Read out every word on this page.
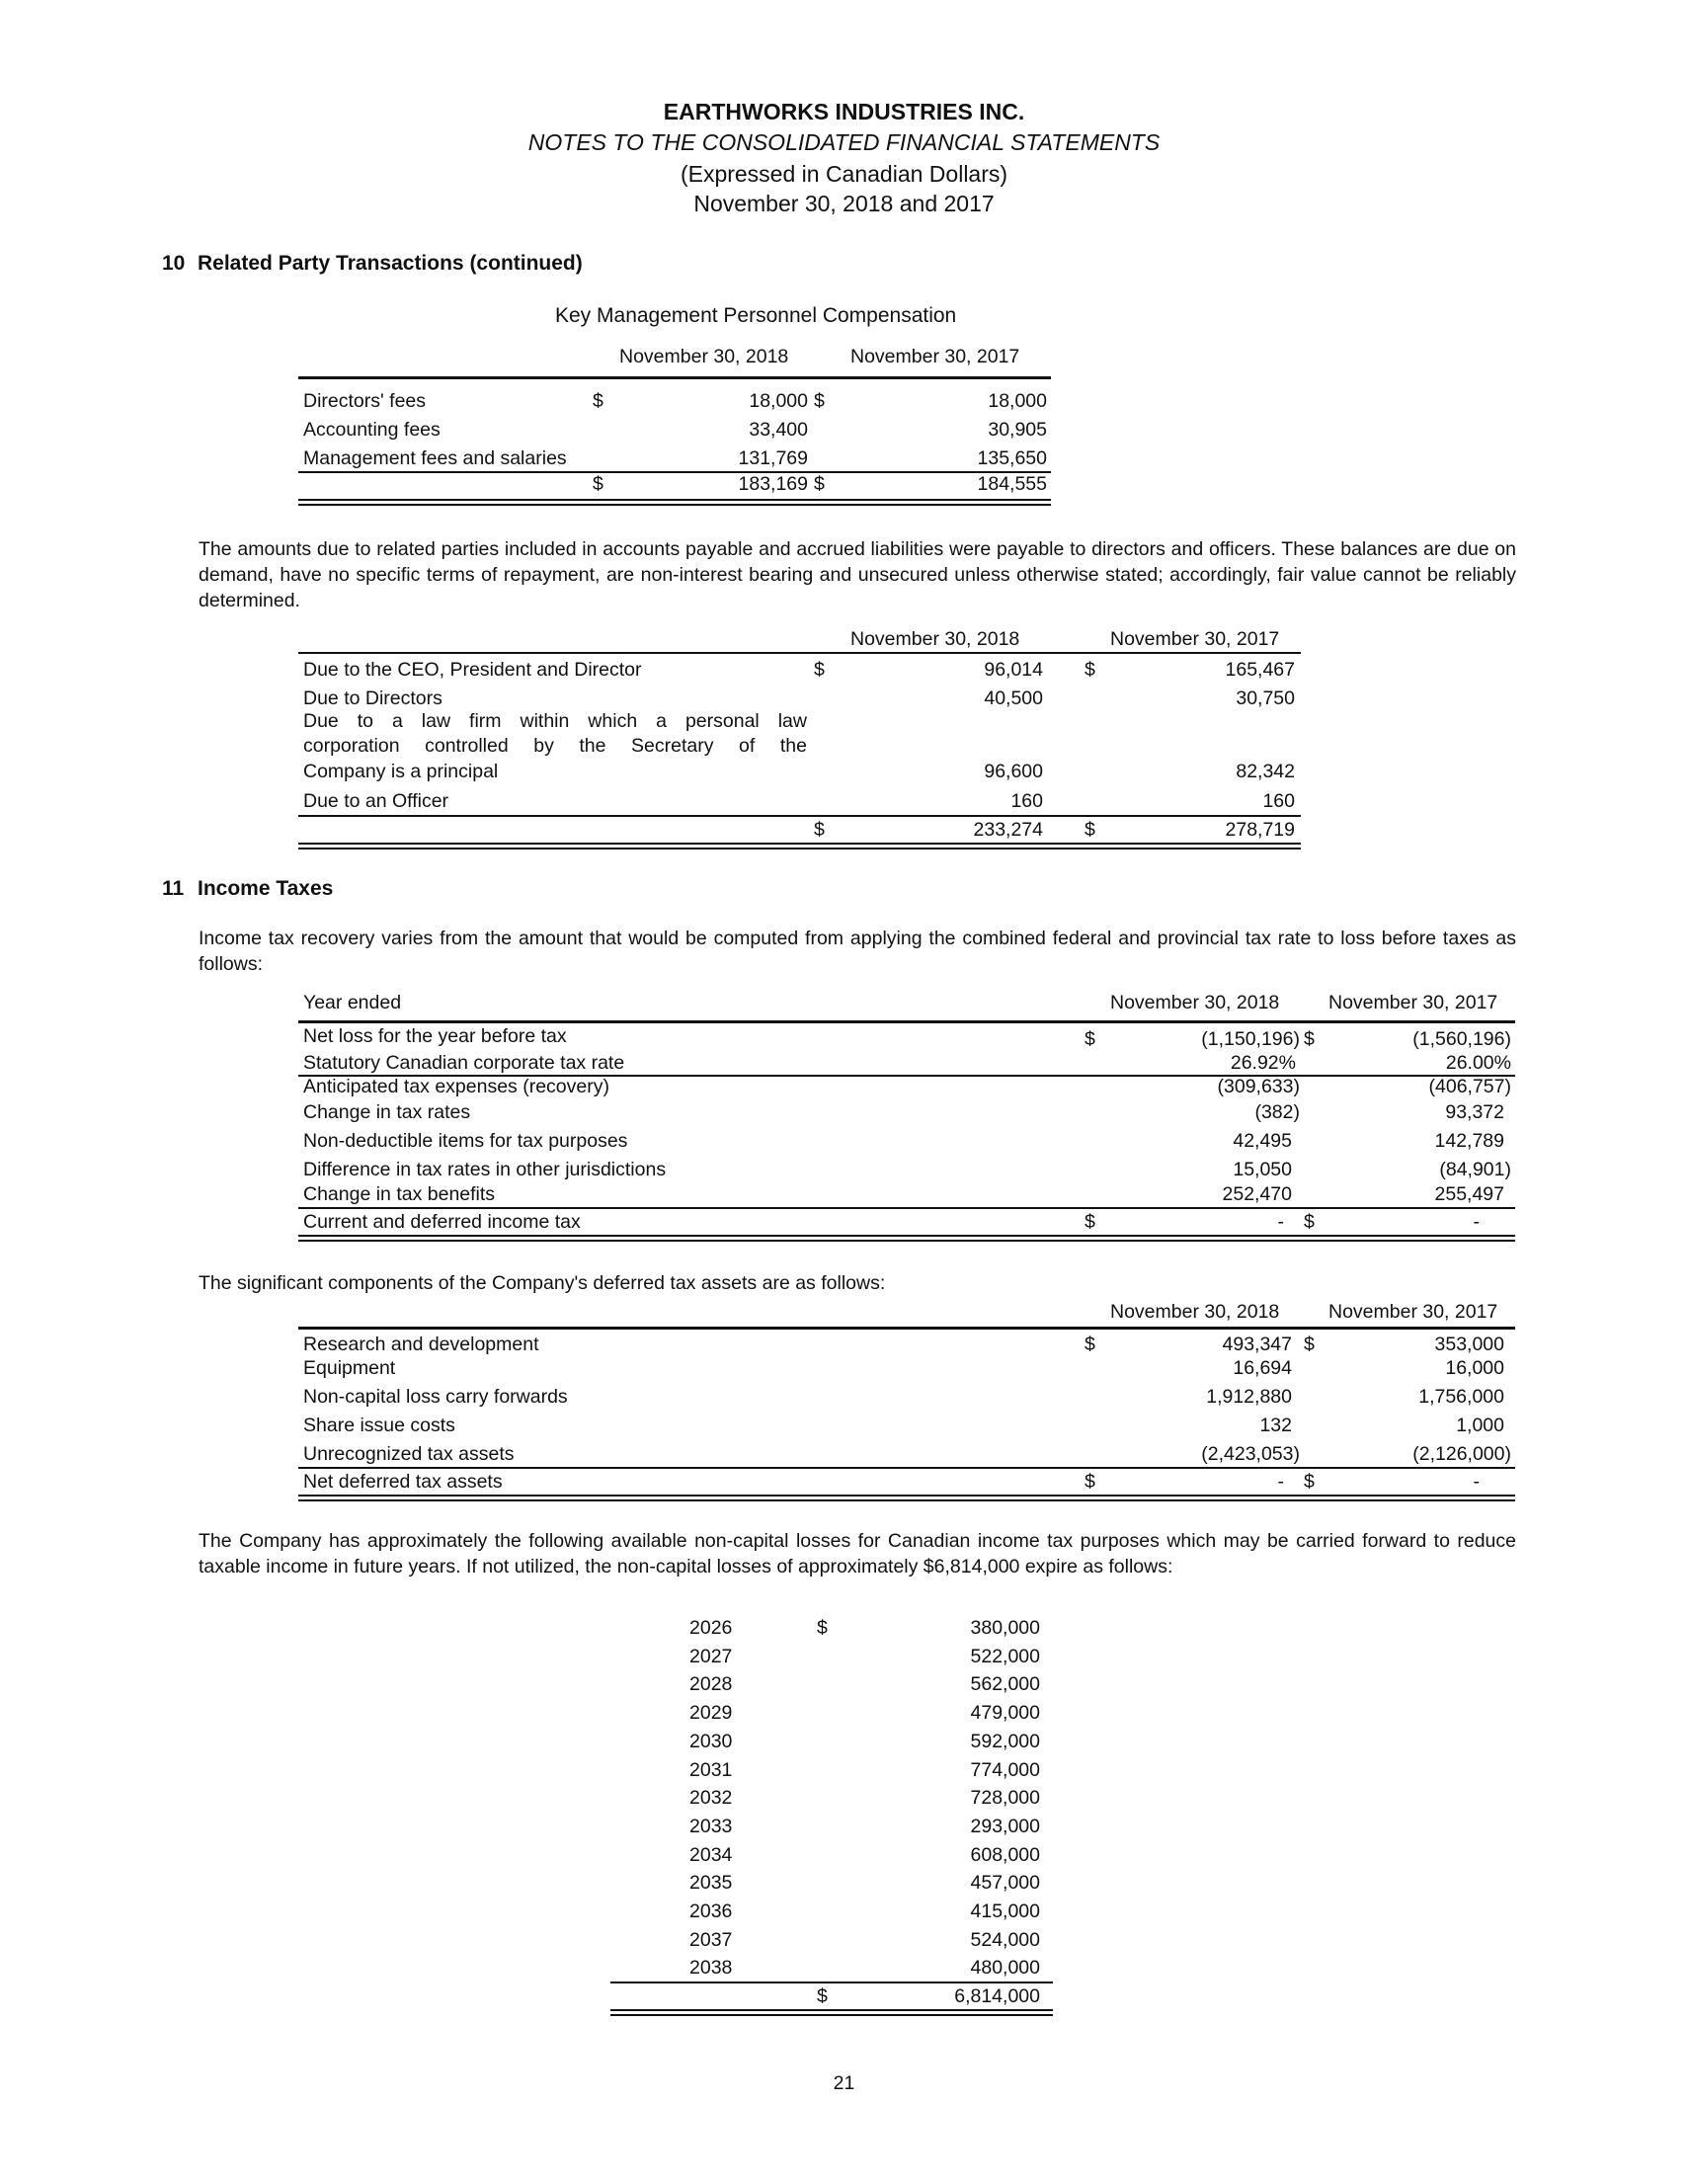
EARTHWORKS INDUSTRIES INC.
NOTES TO THE CONSOLIDATED FINANCIAL STATEMENTS
(Expressed in Canadian Dollars)
November 30, 2018 and 2017
10 Related Party Transactions (continued)
Key Management Personnel Compensation
November 30, 2018	November 30, 2017
Directors' fees	$	18,000 $	18,000
Accounting fees	33,400	30,905
Management fees and salaries	131,769	135,650
$	183,169 $	184,555
The amounts due to related parties included in accounts payable and accrued liabilities were payable to directors and officers. These balances are due on demand, have no specific terms of repayment, are non-interest bearing and unsecured unless otherwise stated; accordingly, fair value cannot be reliably determined.
November 30, 2018	November 30, 2017
Due to the CEO, President and Director	$	96,014 $	165,467
Due to Directors	40,500	30,750
Due to a law firm within which a personal law
corporation controlled by the Secretary of the
Company is a principal	96,600	82,342
Due to an Officer	160	160
$	233,274 $	278,719
11 Income Taxes
Income tax recovery varies from the amount that would be computed from applying the combined federal and provincial tax rate to loss before taxes as follows:
Year ended	November 30, 2018	November 30, 2017
Net loss for the year before tax	$	(1,150,196) $	(1,560,196)
Statutory Canadian corporate tax rate	26.92%	26.00%
Anticipated tax expenses (recovery)	(309,633)	(406,757)
Change in tax rates	(382)	93,372
Non-deductible items for tax purposes	42,495	142,789
Difference in tax rates in other jurisdictions	15,050	(84,901)
Change in tax benefits	252,470	255,497
Current and deferred income tax	$	- $	-
The significant components of the Company's deferred tax assets are as follows:
November 30, 2018	November 30, 2017
Research and development	$	493,347 $	353,000
Equipment	16,694	16,000
Non-capital loss carry forwards	1,912,880	1,756,000
Share issue costs	132	1,000
Unrecognized tax assets	(2,423,053)	(2,126,000)
Net deferred tax assets	$	- $	-
The Company has approximately the following available non-capital losses for Canadian income tax purposes which may be carried forward to reduce taxable income in future years. If not utilized, the non-capital losses of approximately $6,814,000 expire as follows:
2026	$	380,000
2027	522,000
2028	562,000
2029	479,000
2030	592,000
2031	774,000
2032	728,000
2033	293,000
2034	608,000
2035	457,000
2036	415,000
2037	524,000
2038	480,000
$	6,814,000
21
